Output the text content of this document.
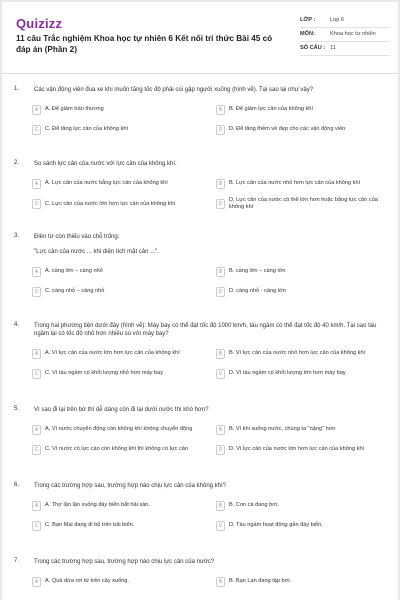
Quizizz
11 câu Trắc nghiệm Khoa học tự nhiên 6 Kết nối tri thức Bài 45 có đáp án (Phần 2)
LỚP :	Lop 6
MÔN:	Khoa học tự nhiên
SỐ CÂU : 11
1. Các vận động viên đua xe khi muốn tăng tốc độ phải cúi gập người xuống (hình vẽ). Tại sao lại như vậy?
A	A. Để giảm trấn thương	B	B. Để giảm lực cản của không khí
C	C. Để tăng lực cản của không khí	D	D. Để tăng thêm vẻ đẹp cho các vận động viên
2. So sánh lực cản của nước với lực cản của không khí.
A	A. Lực cản của nước bằng lực cản của không khí	B	B. Lực cản của nước nhỏ hơn lực cản của không khí
C	C. Lực cản của nước lớn hơn lực cản của không khí	D
D. Lực cản của nước có thể lớn hơn hoặc bằng lực cản của không khí
3. Điền từ còn thiếu vào chỗ trống:
"Lực cản của nước ... khi diện tích mặt cản ...".
A	A. càng lớn – càng nhỏ	B	B. càng lớn – càng lớn
C	C. càng nhỏ – càng nhỏ	D	D. càng nhỏ - càng lớn
4. Trong hai phương tiện dưới đây (hình vẽ): Máy bay có thể đạt tốc độ 1000 km/h, tàu ngầm có thể đạt tốc độ 40 km/h. Tại sao tàu ngầm lại có tốc độ nhỏ hơn nhiều so với máy bay?
A	A. Vì lực cản của nước lớn hơn lực cản của không khí	B	B. Vì lực cản của nước nhỏ hơn lực cản của không khí
C	C. Vì tàu ngầm có khối lượng nhỏ hơn máy bay	D	D. Vì tàu ngầm có khối lượng lớn hơn máy bay
5. Vì sao đi lại trên bờ thì dễ dàng còn đi lại dưới nước thì khó hơn?
A	A. Vì nước chuyển động còn không khí không chuyển động	B	B. Vì khi xuống nước, chúng ta "nặng" hơn
C	C. Vì nước có lực cản còn không khí thì không có lực cản	D	D. Vì lực cản của nước lớn hơn lực cản của không khí
6. Trong các trường hợp sau, trường hợp nào chịu lực cản của không khí?
A	A. Thợ lặn lặn xuống đáy biển bắt hải sản.	B	B. Con cá đang bơi.
C	C. Bạn Mai đang đi bộ trên bãi biển.	D	D. Tàu ngầm hoạt động gần đáy biển.
7. Trong các trường hợp sau, trường hợp nào chịu lực cản của nước?
A	A. Quả dừa rơi từ trên cây xuống.	B	B. Bạn Lan đang tập bơi.
